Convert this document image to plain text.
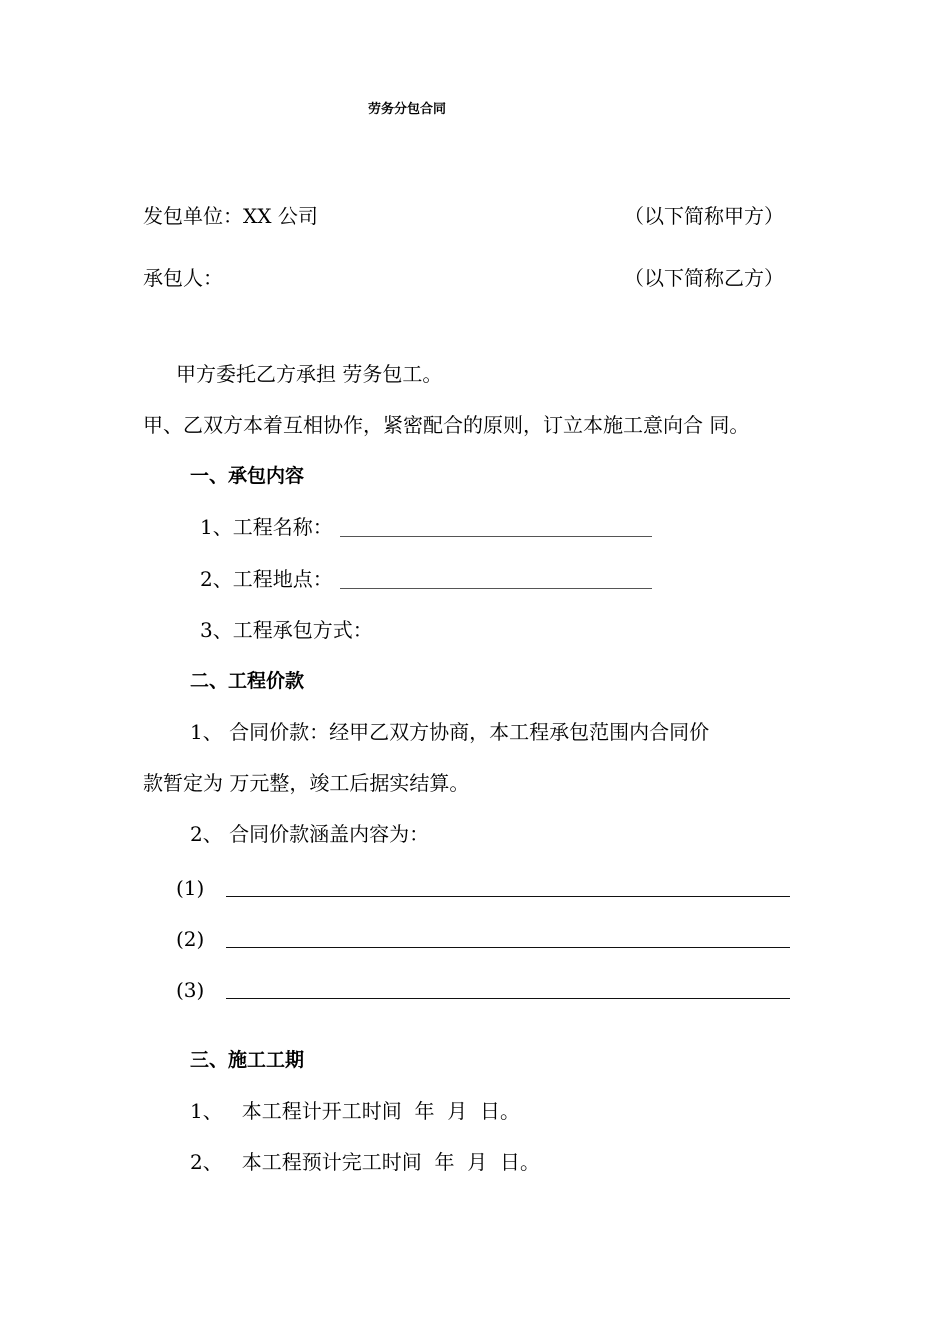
劳务分包合同
发包单位：XX 公司	（以下简称甲方）
承包人：	（以下简称乙方）
甲方委托乙方承担 劳务包工。
甲、乙双方本着互相协作，紧密配合的原则，订立本施工意向合 同。
一、承包内容
1、工程名称：
2、工程地点：
3、工程承包方式：
二、工程价款
1、 合同价款：经甲乙双方协商，本工程承包范围内合同价
款暂定为 万元整，竣工后据实结算。
2、 合同价款涵盖内容为：
(1)
(2)
(3)
三、施工工期
1、   本工程计开工时间  年  月  日。
2、   本工程预计完工时间  年  月  日。
